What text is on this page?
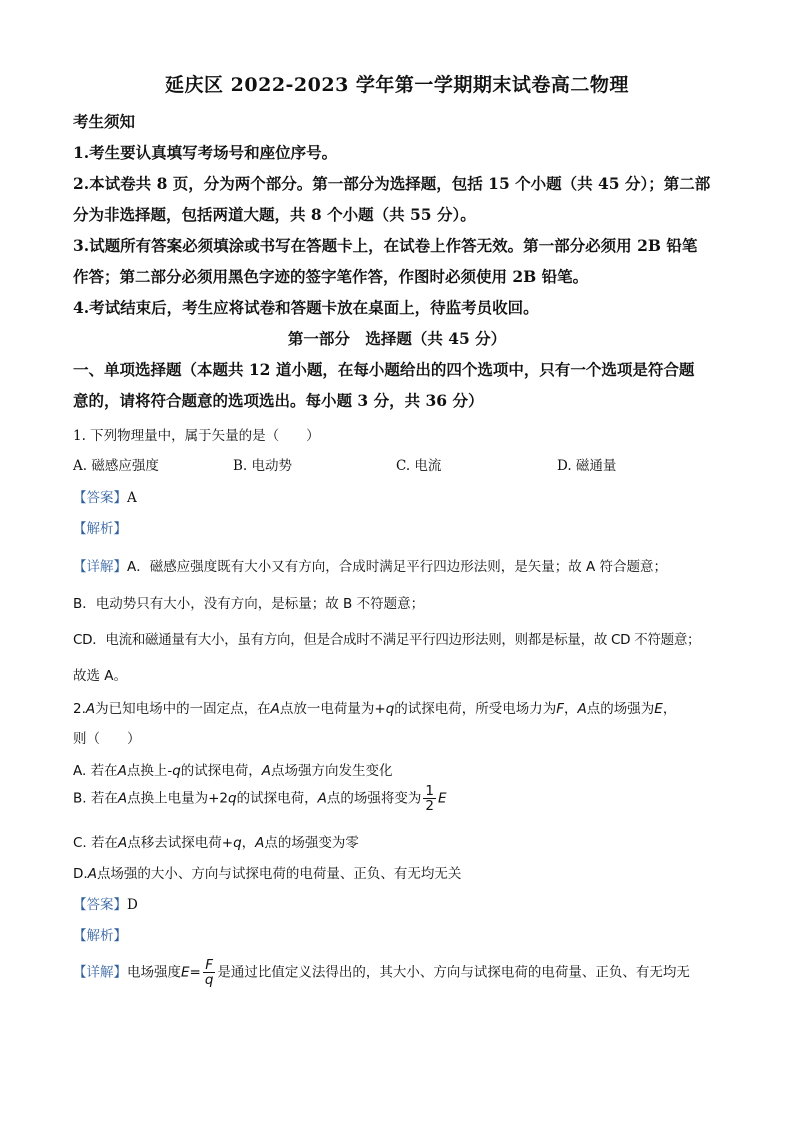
延庆区 2022-2023 学年第一学期期末试卷高二物理
考生须知
1.考生要认真填写考场号和座位序号。
2.本试卷共 8 页，分为两个部分。第一部分为选择题，包括 15 个小题（共 45 分）；第二部
分为非选择题，包括两道大题，共 8 个小题（共 55 分）。
3.试题所有答案必须填涂或书写在答题卡上，在试卷上作答无效。第一部分必须用 2B 铅笔
作答；第二部分必须用黑色字迹的签字笔作答，作图时必须使用 2B 铅笔。
4.考试结束后，考生应将试卷和答题卡放在桌面上，待监考员收回。
第一部分　选择题（共 45 分）
一、单项选择题（本题共 12 道小题，在每小题给出的四个选项中，只有一个选项是符合题
意的，请将符合题意的选项选出。每小题 3 分，共 36 分）
1. 下列物理量中，属于矢量的是（　　）
A. 磁感应强度	B. 电动势	C. 电流	D. 磁通量
【答案】A
【解析】
【详解】A．磁感应强度既有大小又有方向，合成时满足平行四边形法则，是矢量；故 A 符合题意；
B．电动势只有大小，没有方向，是标量；故 B 不符题意；
CD．电流和磁通量有大小，虽有方向，但是合成时不满足平行四边形法则，则都是标量，故 CD 不符题意；
故选 A。
2.A为已知电场中的一固定点，在A点放一电荷量为+q的试探电荷，所受电场力为F，A点的场强为E，
则（　　）
A. 若在A点换上-q的试探电荷，A点场强方向发生变化
B. 若在A点换上电量为+2q的试探电荷，A点的场强将变为 $\frac{1}{2}$ E
C. 若在A点移去试探电荷+q，A点的场强变为零
D.A点场强的大小、方向与试探电荷的电荷量、正负、有无均无关
【答案】D
【解析】
【详解】电场强度$E= \frac{F}{q}$ 是通过比值定义法得出的，其大小、方向与试探电荷的电荷量、正负、有无均无
